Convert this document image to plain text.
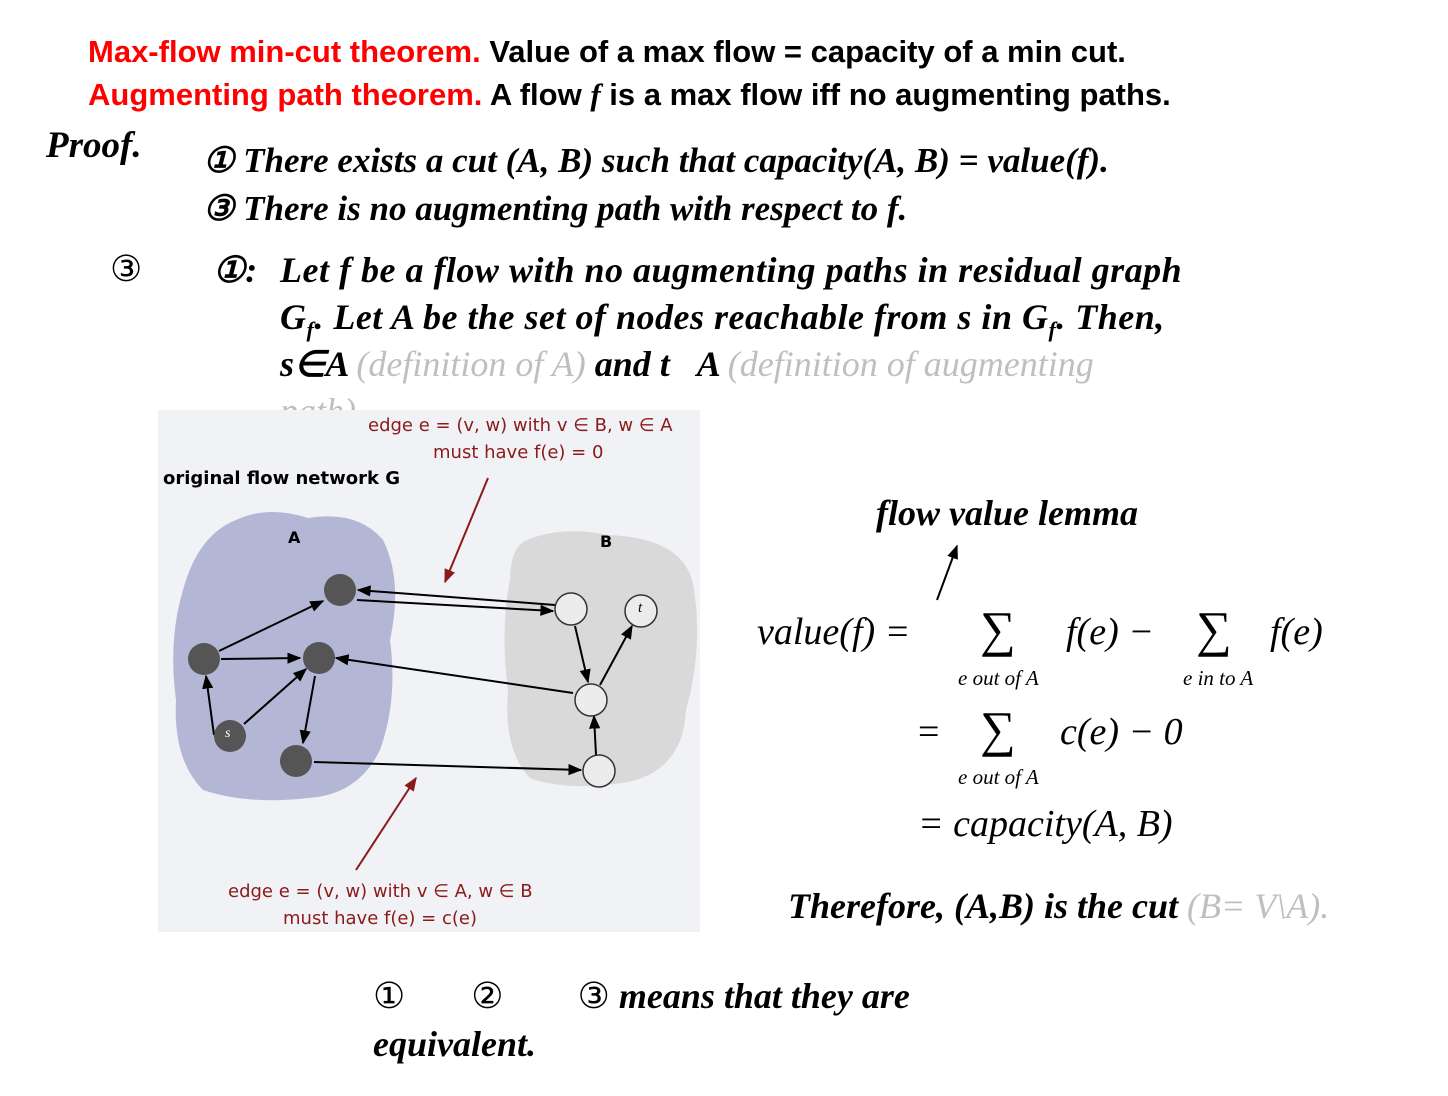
Max-flow min-cut theorem. Value of a max flow = capacity of a min cut.
Augmenting path theorem. A flow f is a max flow iff no augmenting paths.
Proof. ① There exists a cut (A, B) such that capacity(A, B) = value(f).
③ There is no augmenting path with respect to f.
③ ①: Let f be a flow with no augmenting paths in residual graph
$G_f$. Let A be the set of nodes reachable from s in $G_f$. Then,
s∈A (definition of A) and t A (definition of augmenting
original flow network G
A	B
s
t
edge e = (v, w) with v ∈ B, w ∈ A
must have f(e) = 0
edge e = (v, w) with v ∈ A, w ∈ B
must have f(e) = c(e)
flow value lemma
value(f) = ∑ f(e) − ∑ f(e)
e out of A	e in to A
= ∑ c(e) − 0
e out of A
= capacity(A, B)
Therefore, (A,B) is the cut (B= V\A).
① ② ③ means that they are
equivalent.
